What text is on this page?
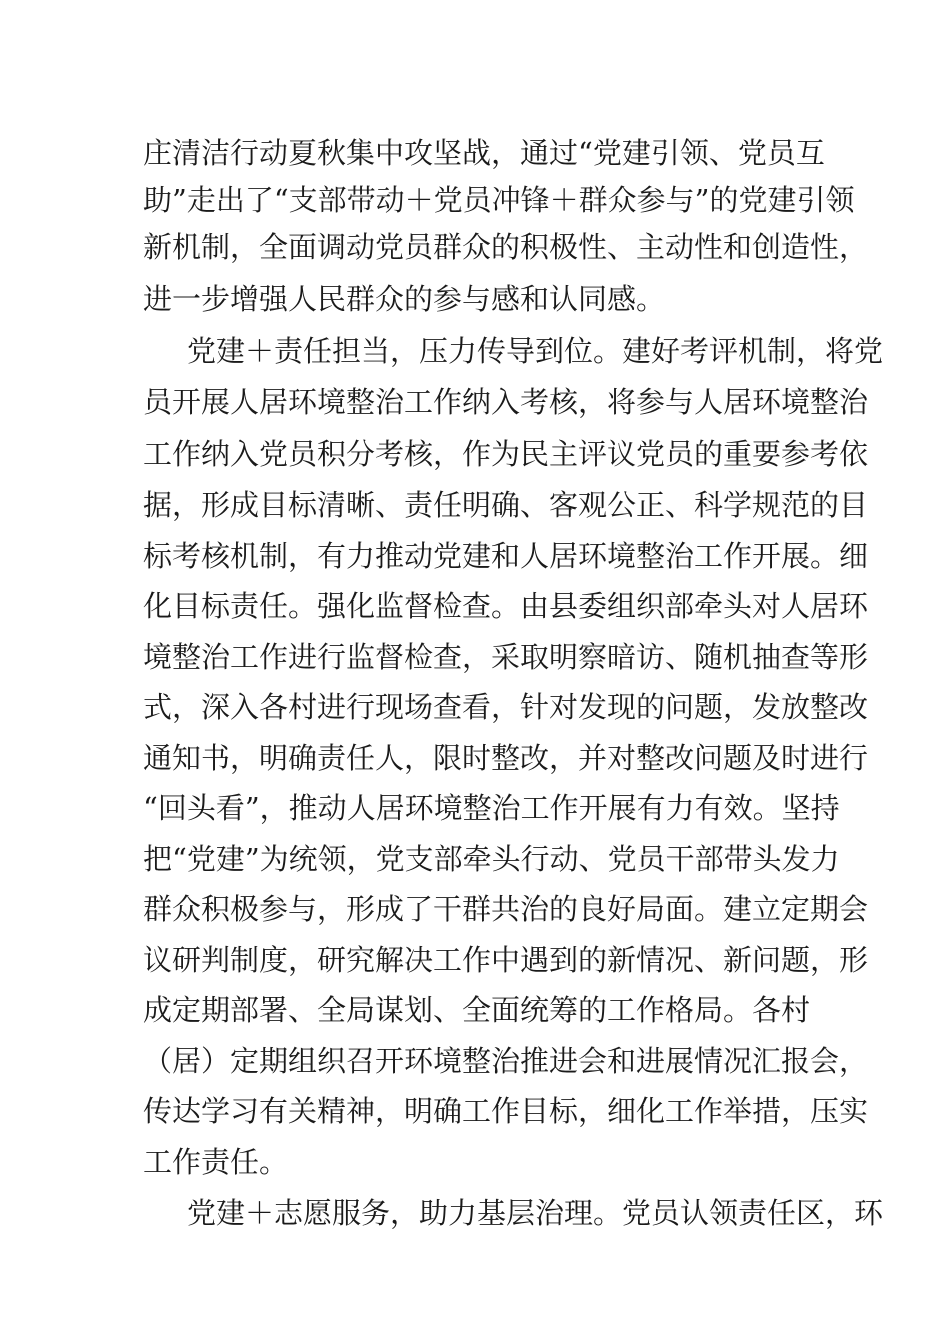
庄清洁行动夏秋集中攻坚战，通过“党建引领、党员互
助”走出了“支部带动＋党员冲锋＋群众参与”的党建引领
新机制，全面调动党员群众的积极性、主动性和创造性，
进一步增强人民群众的参与感和认同感。
党建＋责任担当，压力传导到位。建好考评机制，将党
员开展人居环境整治工作纳入考核，将参与人居环境整治
工作纳入党员积分考核，作为民主评议党员的重要参考依
据，形成目标清晰、责任明确、客观公正、科学规范的目
标考核机制，有力推动党建和人居环境整治工作开展。细
化目标责任。强化监督检查。由县委组织部牵头对人居环
境整治工作进行监督检查，采取明察暗访、随机抽查等形
式，深入各村进行现场查看，针对发现的问题，发放整改
通知书，明确责任人，限时整改，并对整改问题及时进行
“回头看”，推动人居环境整治工作开展有力有效。坚持
把“党建”为统领，党支部牵头行动、党员干部带头发力
群众积极参与，形成了干群共治的良好局面。建立定期会
议研判制度，研究解决工作中遇到的新情况、新问题，形
成定期部署、全局谋划、全面统筹的工作格局。各村
（居）定期组织召开环境整治推进会和进展情况汇报会，
传达学习有关精神，明确工作目标，细化工作举措，压实
工作责任。
党建＋志愿服务，助力基层治理。党员认领责任区，环
